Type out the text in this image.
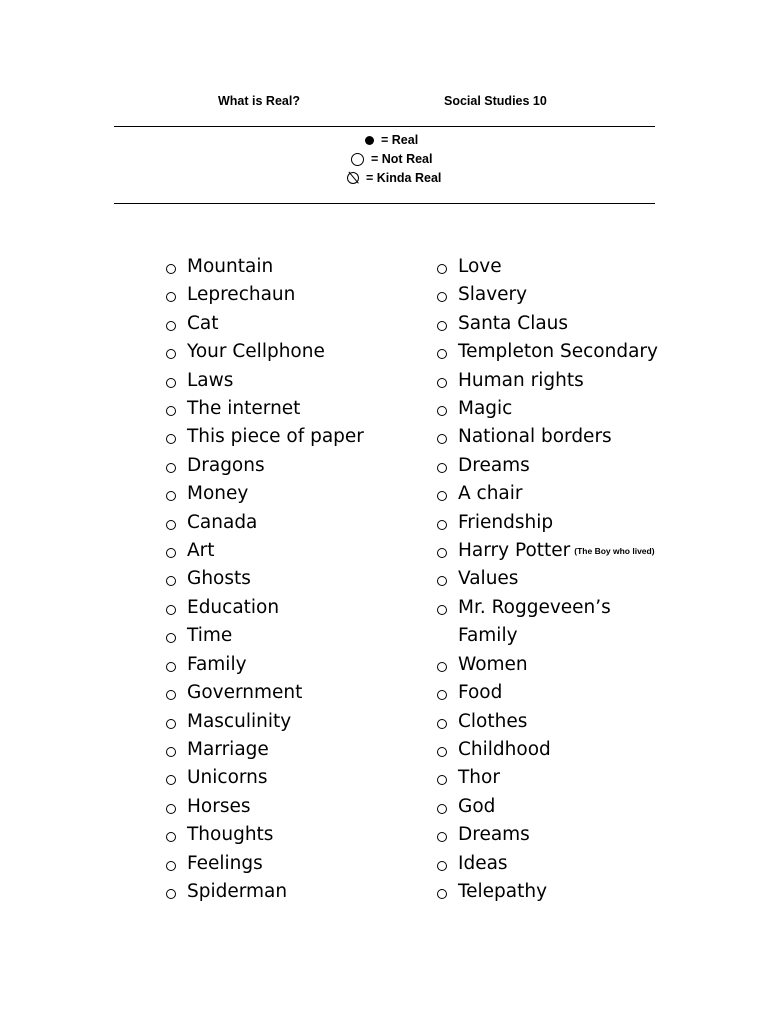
What is Real?	Social Studies 10
= Real
= Not Real
= Kinda Real
Mountain
Leprechaun
Cat
Your Cellphone
Laws
The internet
This piece of paper
Dragons
Money
Canada
Art
Ghosts
Education
Time
Family
Government
Masculinity
Marriage
Unicorns
Horses
Thoughts
Feelings
Spiderman
Love
Slavery
Santa Claus
Templeton Secondary
Human rights
Magic
National borders
Dreams
A chair
Friendship
Harry Potter (The Boy who lived)
Values
Mr. Roggeveen’s
Family
Women
Food
Clothes
Childhood
Thor
God
Dreams
Ideas
Telepathy
